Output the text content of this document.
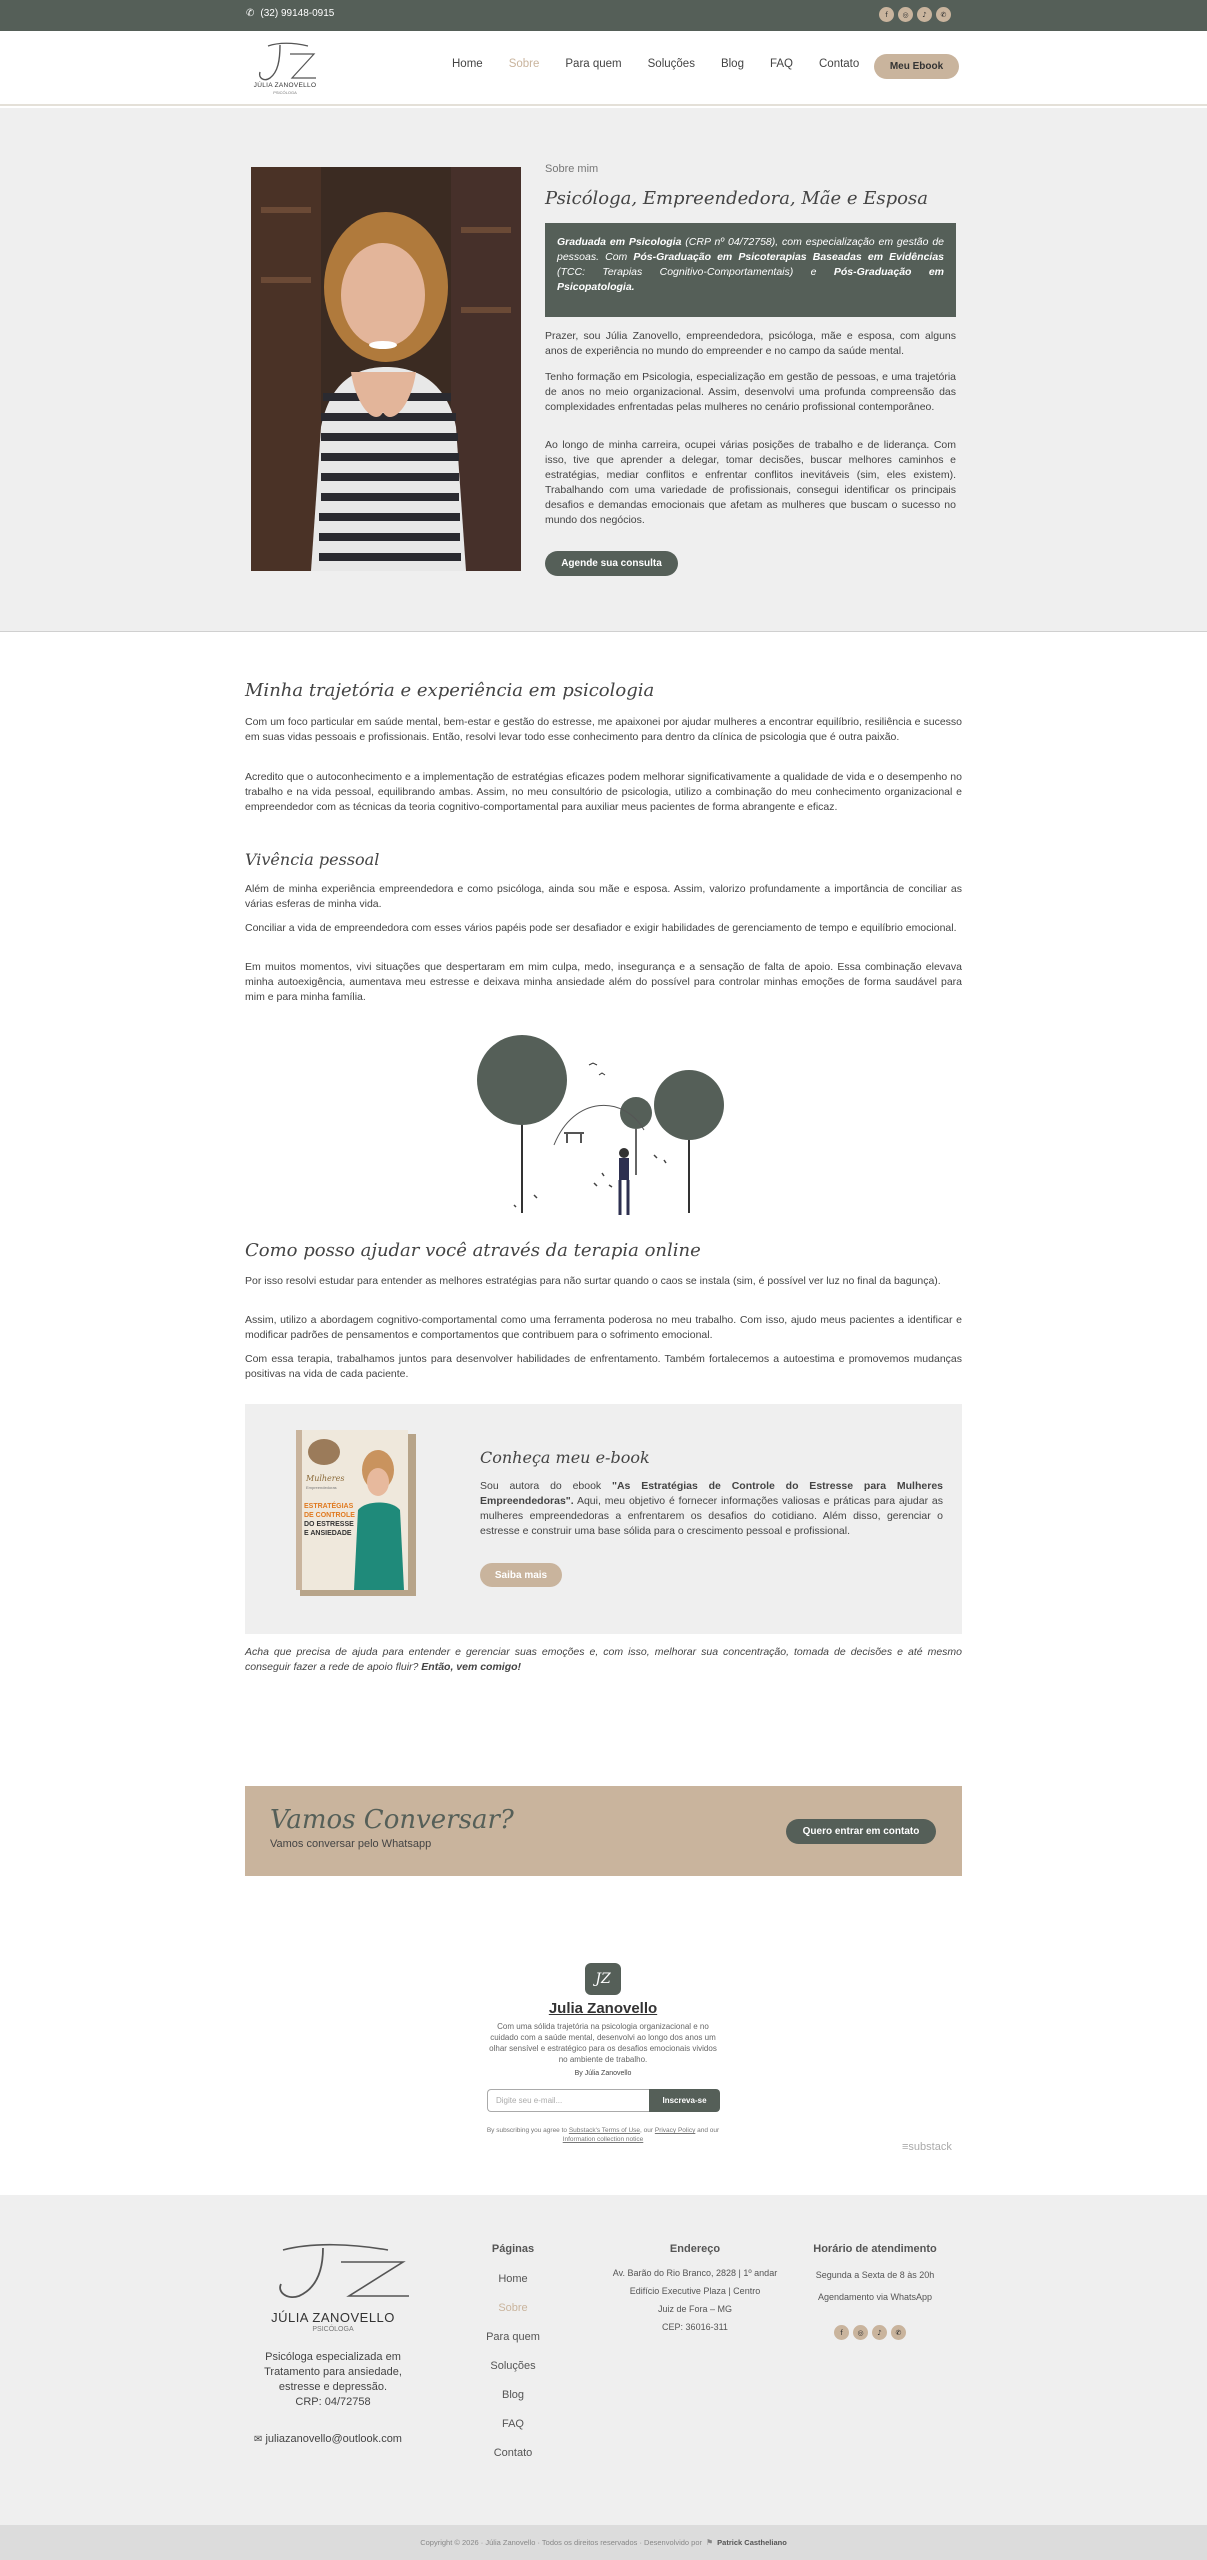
✆ (32) 99148-0915	f	◎	♪	✆
JÚLIA ZANOVELLO
PSICÓLOGA
Home Sobre Para quem Soluções Blog FAQ Contato	Meu Ebook
Sobre mim
Psicóloga, Empreendedora, Mãe e Esposa
Graduada em Psicologia (CRP nº 04/72758), com especialização em gestão de pessoas. Com Pós-Graduação em Psicoterapias Baseadas em Evidências (TCC: Terapias Cognitivo-Comportamentais) e Pós-Graduação em Psicopatologia.

Prazer, sou Júlia Zanovello, empreendedora, psicóloga, mãe e esposa, com alguns anos de experiência no mundo do empreender e no campo da saúde mental.

Tenho formação em Psicologia, especialização em gestão de pessoas, e uma trajetória de anos no meio organizacional. Assim, desenvolvi uma profunda compreensão das complexidades enfrentadas pelas mulheres no cenário profissional contemporâneo.

Ao longo de minha carreira, ocupei várias posições de trabalho e de liderança. Com isso, tive que aprender a delegar, tomar decisões, buscar melhores caminhos e estratégias, mediar conflitos e enfrentar conflitos inevitáveis (sim, eles existem). Trabalhando com uma variedade de profissionais, consegui identificar os principais desafios e demandas emocionais que afetam as mulheres que buscam o sucesso no mundo dos negócios.

Agende sua consulta
Minha trajetória e experiência em psicologia

Com um foco particular em saúde mental, bem-estar e gestão do estresse, me apaixonei por ajudar mulheres a encontrar equilíbrio, resiliência e sucesso em suas vidas pessoais e profissionais. Então, resolvi levar todo esse conhecimento para dentro da clínica de psicologia que é outra paixão.

Acredito que o autoconhecimento e a implementação de estratégias eficazes podem melhorar significativamente a qualidade de vida e o desempenho no trabalho e na vida pessoal, equilibrando ambas. Assim, no meu consultório de psicologia, utilizo a combinação do meu conhecimento organizacional e empreendedor com as técnicas da teoria cognitivo-comportamental para auxiliar meus pacientes de forma abrangente e eficaz.

Vivência pessoal

Além de minha experiência empreendedora e como psicóloga, ainda sou mãe e esposa. Assim, valorizo profundamente a importância de conciliar as várias esferas de minha vida.

Conciliar a vida de empreendedora com esses vários papéis pode ser desafiador e exigir habilidades de gerenciamento de tempo e equilíbrio emocional.

Em muitos momentos, vivi situações que despertaram em mim culpa, medo, insegurança e a sensação de falta de apoio. Essa combinação elevava minha autoexigência, aumentava meu estresse e deixava minha ansiedade além do possível para controlar minhas emoções de forma saudável para mim e para minha família.

Como posso ajudar você através da terapia online

Por isso resolvi estudar para entender as melhores estratégias para não surtar quando o caos se instala (sim, é possível ver luz no final da bagunça).

Assim, utilizo a abordagem cognitivo-comportamental como uma ferramenta poderosa no meu trabalho. Com isso, ajudo meus pacientes a identificar e modificar padrões de pensamentos e comportamentos que contribuem para o sofrimento emocional.

Com essa terapia, trabalhamos juntos para desenvolver habilidades de enfrentamento. Também fortalecemos a autoestima e promovemos mudanças positivas na vida de cada paciente.

Mulheres
Empreendedoras
ESTRATÉGIAS
DE CONTROLE
DO ESTRESSE
E ANSIEDADE
Conheça meu e-book

Sou autora do ebook "As Estratégias de Controle do Estresse para Mulheres Empreendedoras". Aqui, meu objetivo é fornecer informações valiosas e práticas para ajudar as mulheres empreendedoras a enfrentarem os desafios do cotidiano. Além disso, gerenciar o estresse e construir uma base sólida para o crescimento pessoal e profissional.

Saiba mais

Acha que precisa de ajuda para entender e gerenciar suas emoções e, com isso, melhorar sua concentração, tomada de decisões e até mesmo conseguir fazer a rede de apoio fluir? Então, vem comigo!

Vamos Conversar?
Vamos conversar pelo Whatsapp
Quero entrar em contato
JZ
Julia Zanovello
Com uma sólida trajetória na psicologia organizacional e no cuidado com a saúde mental, desenvolvi ao longo dos anos um olhar sensível e estratégico para os desafios emocionais vividos no ambiente de trabalho.
By Júlia Zanovello
Digite seu e-mail...	Inscreva-se
By subscribing you agree to Substack's Terms of Use, our Privacy Policy and our Information collection notice
≡substack
JÚLIA ZANOVELLO
PSICÓLOGA
Psicóloga especializada em Tratamento para ansiedade, estresse e depressão.
CRP: 04/72758
✉ juliazanovello@outlook.com
Páginas
Home
Sobre
Para quem
Soluções
Blog
FAQ
Contato
Endereço
Av. Barão do Rio Branco, 2828 | 1º andar
Edifício Executive Plaza | Centro
Juiz de Fora – MG
CEP: 36016-311
Horário de atendimento
Segunda a Sexta de 8 às 20h
Agendamento via WhatsApp
f	◎	♪	✆
Copyright © 2026 · Júlia Zanovello · Todos os direitos reservados · Desenvolvido por ⚑ Patrick Castheliano
